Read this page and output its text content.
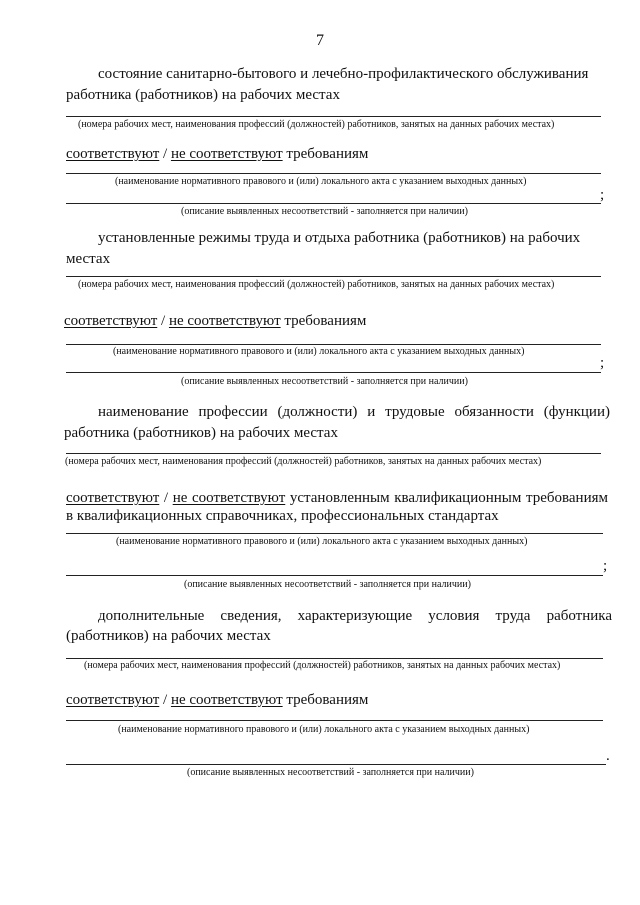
7
состояние санитарно-бытового и лечебно-профилактического обслуживания
работника (работников) на рабочих местах
(номера рабочих мест, наименования профессий (должностей) работников, занятых на данных рабочих местах)
соответствуют / не соответствуют требованиям
(наименование нормативного правового и (или) локального акта с указанием выходных данных)
;
(описание выявленных несоответствий - заполняется при наличии)
установленные режимы труда и отдыха работника (работников) на рабочих
местах
(номера рабочих мест, наименования профессий (должностей) работников, занятых на данных рабочих местах)
соответствуют / не соответствуют требованиям
(наименование нормативного правового и (или) локального акта с указанием выходных данных)
;
(описание выявленных несоответствий - заполняется при наличии)
наименование профессии (должности) и трудовые обязанности (функции)
работника (работников) на рабочих местах
(номера рабочих мест, наименования профессий (должностей) работников, занятых на данных рабочих местах)
соответствуют / не соответствуют установленным квалификационным требованиям
в квалификационных справочниках, профессиональных стандартах
(наименование нормативного правового и (или) локального акта с указанием выходных данных)
;
(описание выявленных несоответствий - заполняется при наличии)
дополнительные сведения, характеризующие условия труда работника
(работников) на рабочих местах
(номера рабочих мест, наименования профессий (должностей) работников, занятых на данных рабочих местах)
соответствуют / не соответствуют требованиям
(наименование нормативного правового и (или) локального акта с указанием выходных данных)
.
(описание выявленных несоответствий - заполняется при наличии)
